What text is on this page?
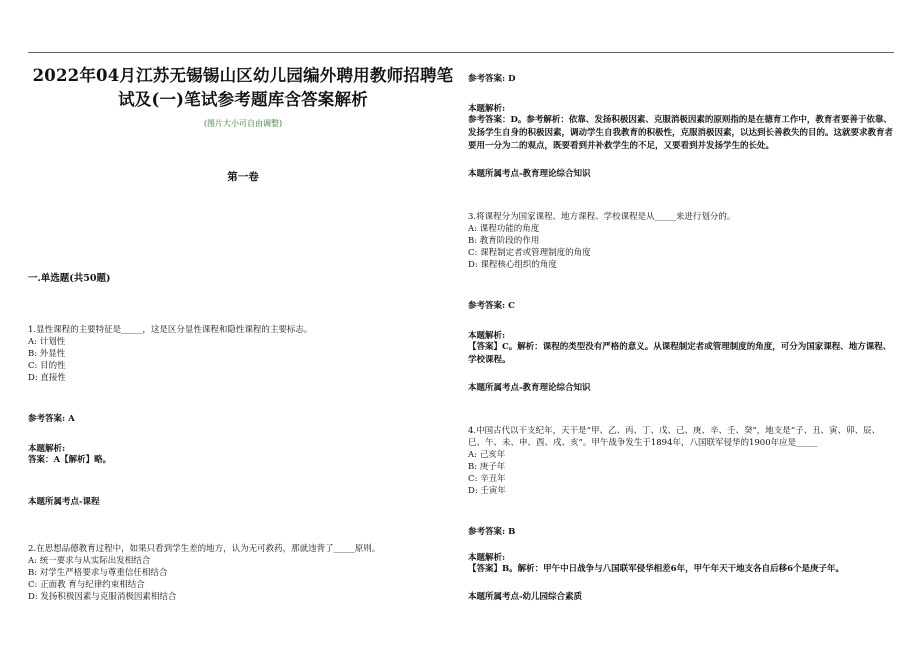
2022年04月江苏无锡锡山区幼儿园编外聘用教师招聘笔试及(一)笔试参考题库含答案解析
(图片大小可自由调整)
第一卷
一.单选题(共50题)

1.显性课程的主要特征是_____，这是区分显性课程和隐性课程的主要标志。

A: 计划性

B: 外显性

C: 目的性

D: 直接性

参考答案: A
本题解析:
答案：A【解析】略。
本题所属考点-课程

2.在思想品德教育过程中，如果只看到学生差的地方，认为无可救药，那就违背了_____原则。

A: 统一要求与从实际出发相结合

B: 对学生严格要求与尊重信任相结合

C: 正面教 育与纪律约束相结合

D: 发扬积极因素与克服消极因素相结合

参考答案: D
本题解析:
参考答案：D。参考解析：依靠、发扬积极因素、克服消极因素的原则指的是在德育工作中，教育者要善于依靠、发扬学生自身的积极因素，调动学生自我教育的积极性，克服消极因素，以达到长善救失的目的。这就要求教育者要用一分为二的观点，既要看到并补救学生的不足，又要看到并发扬学生的长处。
本题所属考点-教育理论综合知识

3.将课程分为国家课程、地方课程、学校课程是从_____来进行划分的。

A: 课程功能的角度

B: 教育阶段的作用

C: 课程制定者或管理制度的角度

D: 课程核心组织的角度

参考答案: C
本题解析:
【答案】C。解析：课程的类型没有严格的意义。从课程制定者或管理制度的角度，可分为国家课程、地方课程、学校课程。
本题所属考点-教育理论综合知识

4.中国古代以干支纪年，天干是“甲、乙、丙、丁、戊、己、庚、辛、壬、癸”，地支是“子、丑、寅、卯、辰、巳、午、未、申、酉、戌、亥”。甲午战争发生于1894年，八国联军侵华的1900年应是_____

A: 己亥年

B: 庚子年

C: 辛丑年

D: 壬寅年

参考答案: B
本题解析:
【答案】B。解析：甲午中日战争与八国联军侵华相差6年，甲午年天干地支各自后移6个是庚子年。
本题所属考点-幼儿园综合素质
